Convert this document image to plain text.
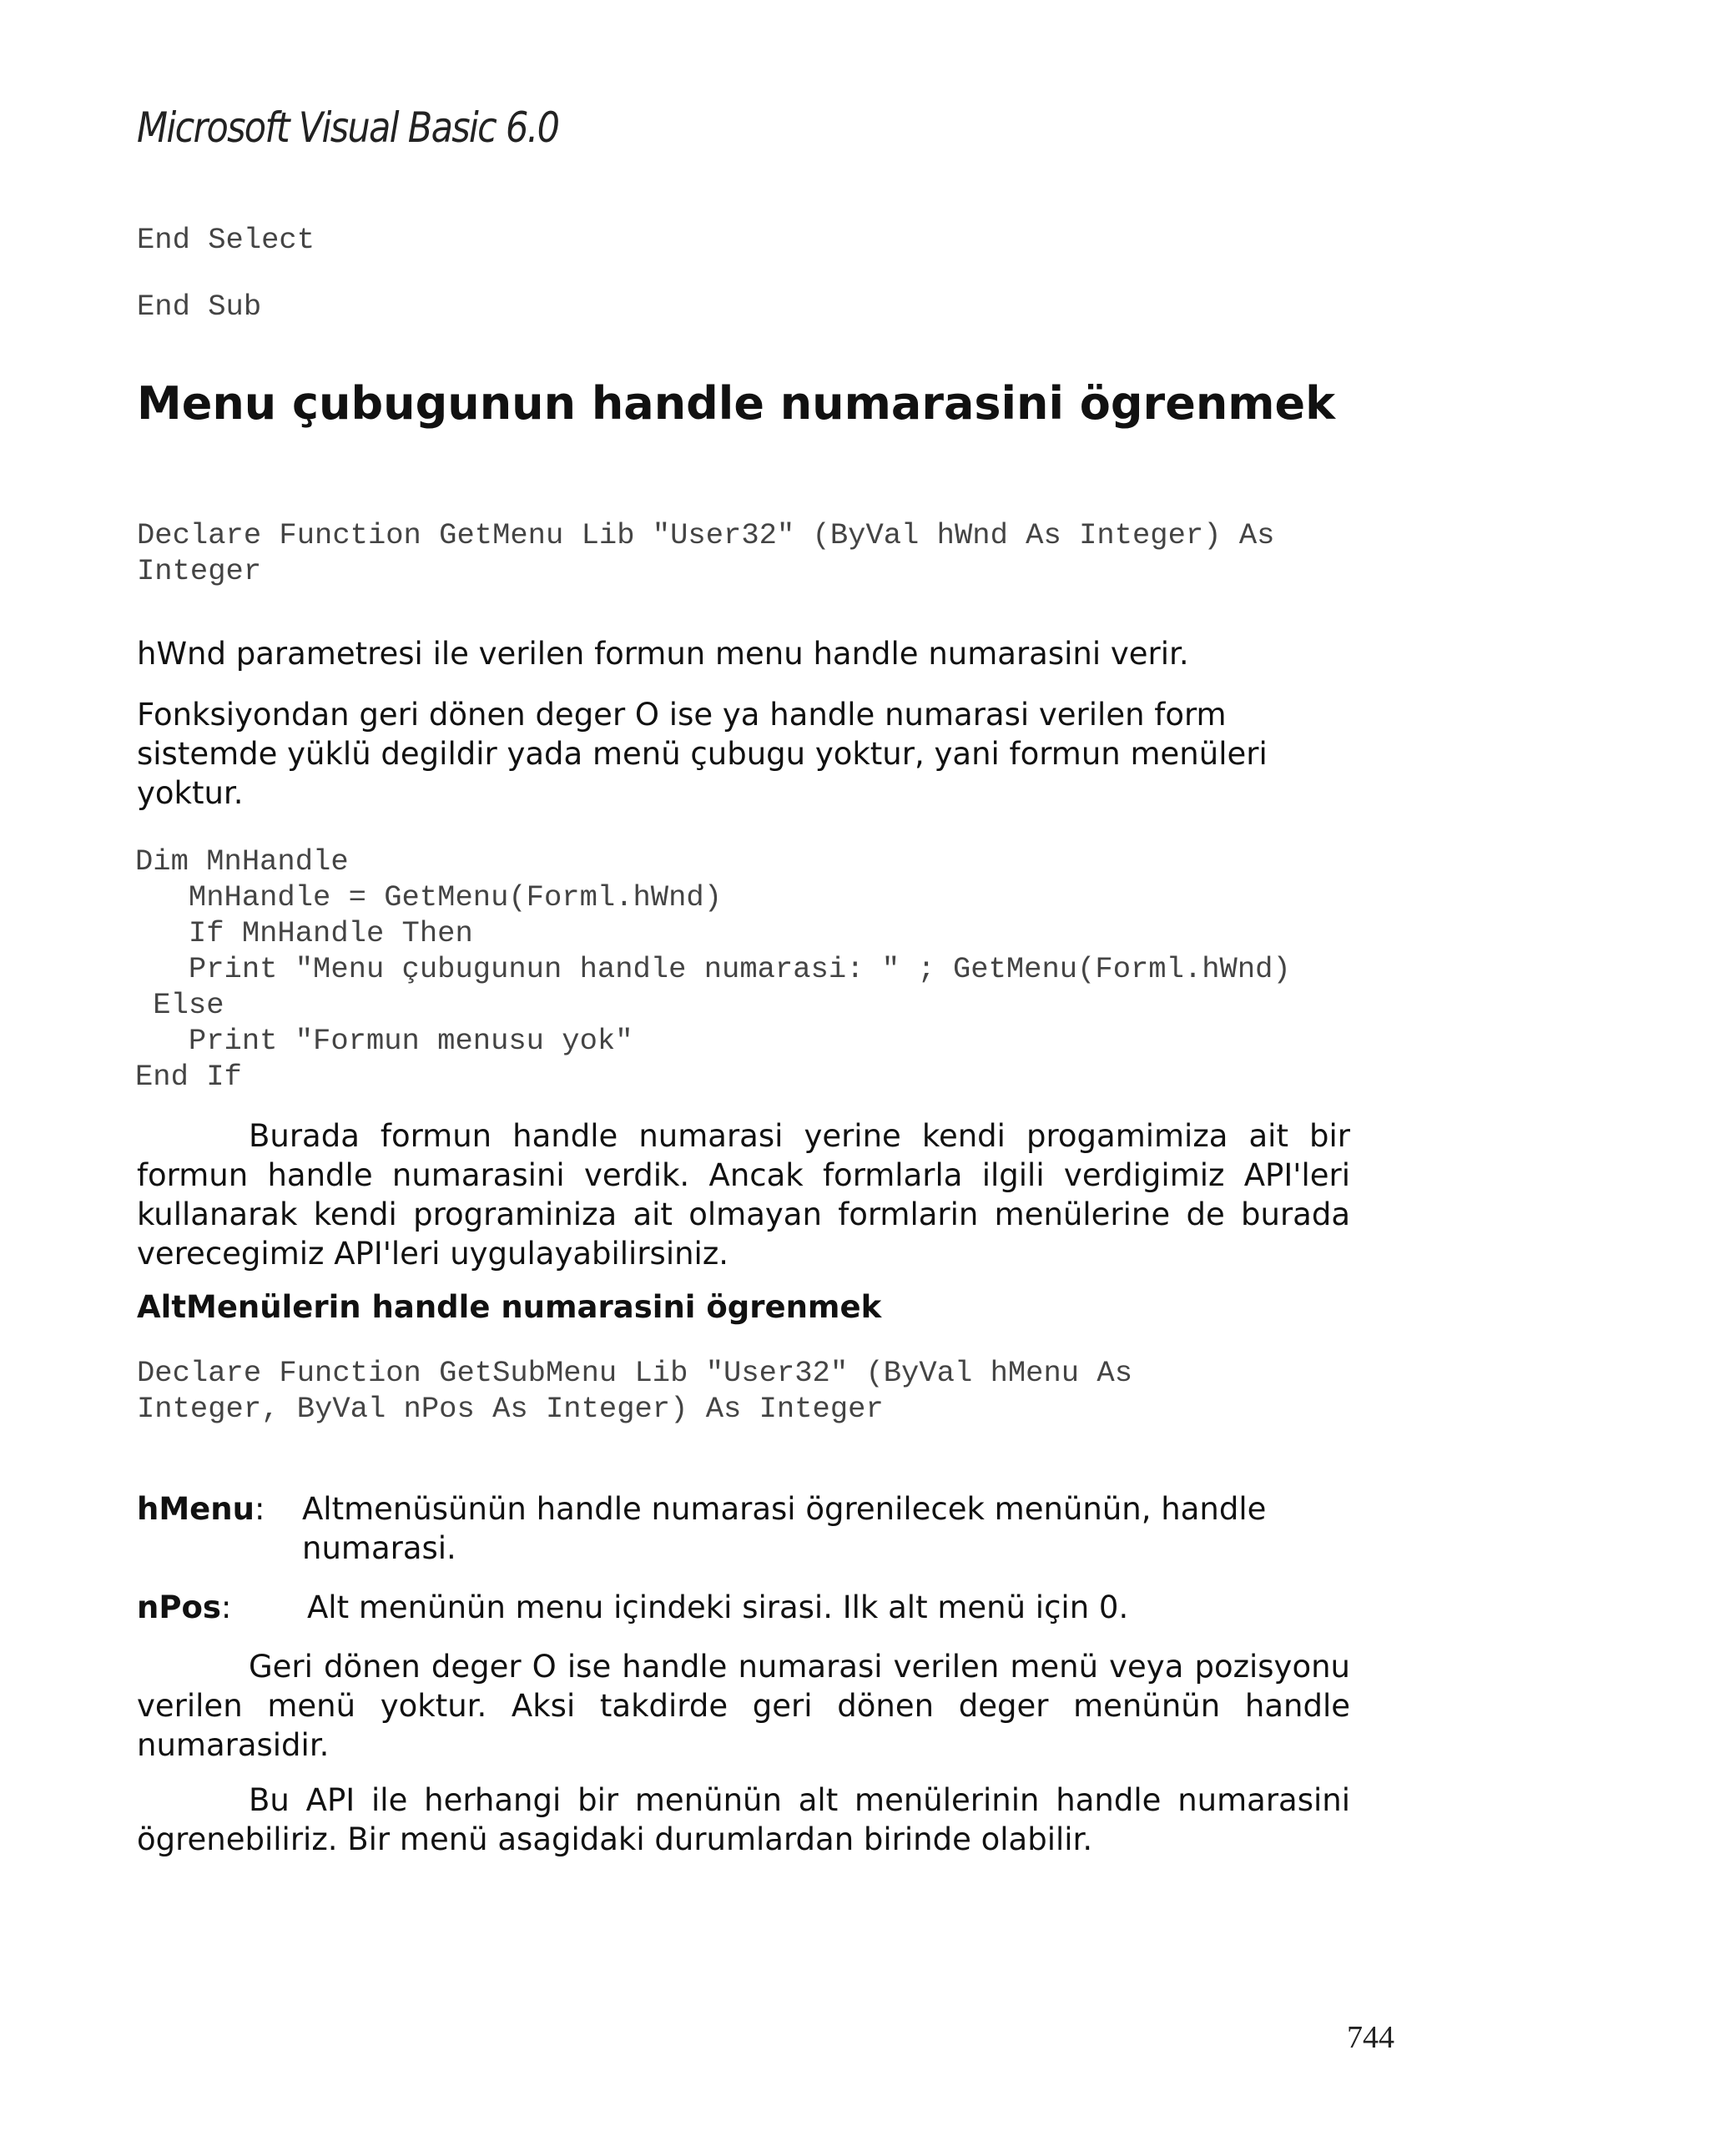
Microsoft Visual Basic 6.0
End Select
End Sub
Menu çubugunun handle numarasini ögrenmek
Declare Function GetMenu Lib "User32" (ByVal hWnd As Integer) As
Integer
hWnd parametresi ile verilen formun menu handle numarasini verir.
Fonksiyondan geri dönen deger O ise ya handle numarasi verilen form
sistemde yüklü degildir yada menü çubugu yoktur, yani formun menüleri
yoktur.
Dim MnHandle
MnHandle = GetMenu(Forml.hWnd)
If MnHandle Then
Print "Menu çubugunun handle numarasi: " ; GetMenu(Forml.hWnd)
Else
Print "Formun menusu yok"
End If
Burada formun handle numarasi yerine kendi progamimiza ait bir formun handle numarasini verdik. Ancak formlarla ilgili verdigimiz API'leri kullanarak kendi programiniza ait olmayan formlarin menülerine de burada verecegimiz API'leri uygulayabilirsiniz.
AltMenülerin handle numarasini ögrenmek
Declare Function GetSubMenu Lib "User32" (ByVal hMenu As
Integer, ByVal nPos As Integer) As Integer
hMenu: Altmenüsünün handle numarasi ögrenilecek menünün, handle
numarasi.
nPos: Alt menünün menu içindeki sirasi. Ilk alt menü için 0.
Geri dönen deger O ise handle numarasi verilen menü veya pozisyonu verilen menü yoktur. Aksi takdirde geri dönen deger menünün handle numarasidir.
Bu API ile herhangi bir menünün alt menülerinin handle numarasini ögrenebiliriz. Bir menü asagidaki durumlardan birinde olabilir.
744
